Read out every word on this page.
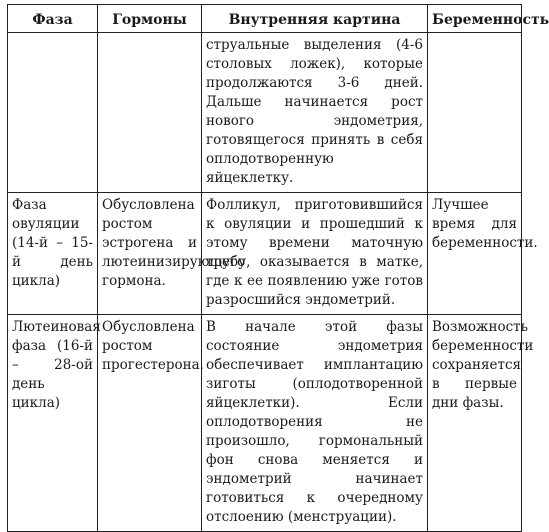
Фаза	Гормоны	Внутренняя картина	Беременность

		струальные выделения (4-6 столовых ложек), которые продолжаются 3-6 дней. Дальше начинается рост нового эндометрия, готовящегося принять в себя оплодотворенную яйцеклетку.	

Фаза овуляции (14-й – 15-й день цикла)	Обусловлена ростом эстрогена и лютеинизирующего гормона.	Фолликул, приготовившийся к овуляции и прошедший к этому времени маточную трубу, оказывается в матке, где к ее появлению уже готов разросшийся эндометрий.	Лучшее время для беременности.

Лютеиновая фаза (16-й – 28-ой день цикла)	Обусловлена ростом прогестерона.	В начале этой фазы состояние эндометрия обеспечивает имплантацию зиготы (оплодотворенной яйцеклетки). Если оплодотворения не произошло, гормональный фон снова меняется и эндометрий начинает готовиться к очередному отслоению (менструации).	Возможность беременности сохраняется в первые дни фазы.
